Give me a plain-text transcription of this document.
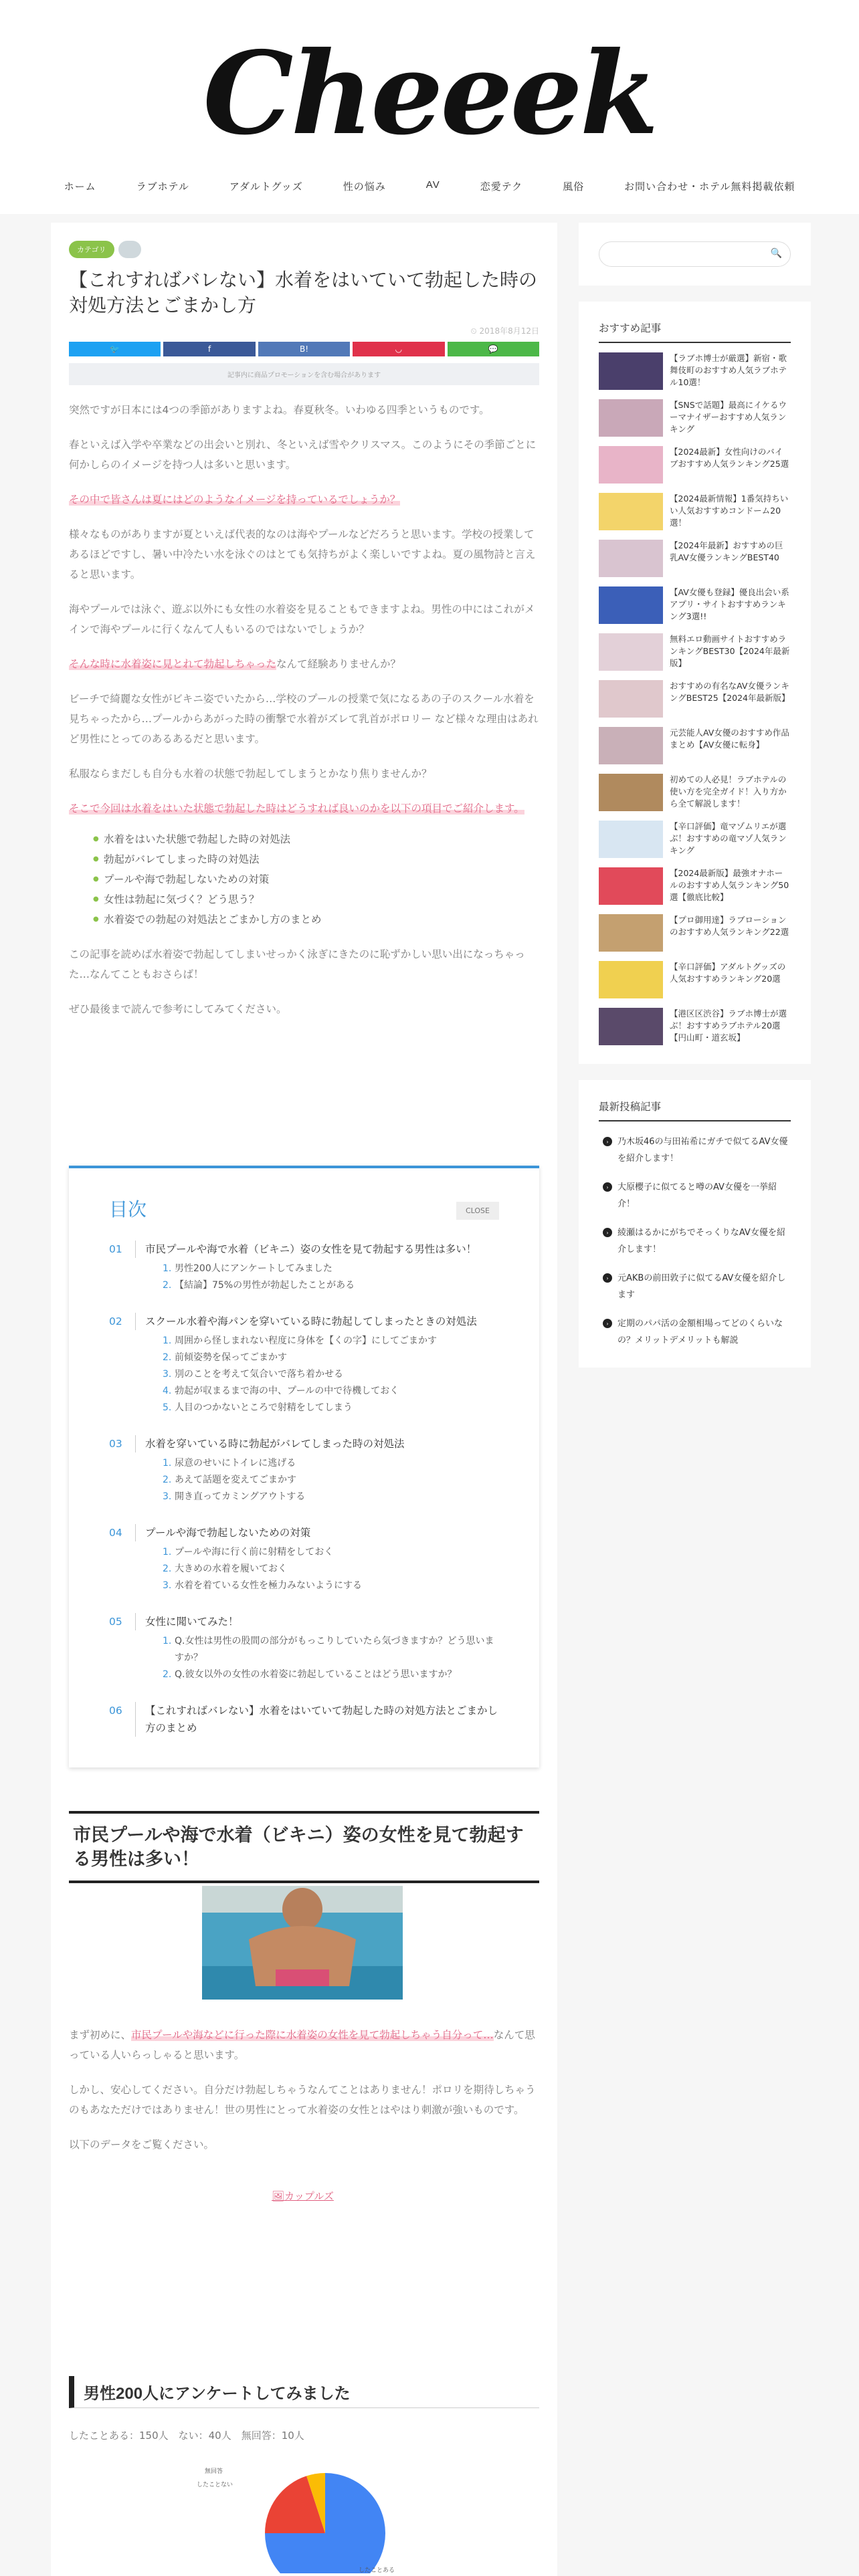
Cheeek
ホーム	ラブホテル	アダルトグッズ	性の悩み	AV	恋愛テク	風俗	お問い合わせ・ホテル無料掲載依頼
カテゴリ
【これすればバレない】水着をはいていて勃起した時の対処方法とごまかし方
⏲ 2018年8月12日
🐦	f	B!	◡	💬
記事内に商品プロモーションを含む場合があります

突然ですが日本には4つの季節がありますよね。春夏秋冬。いわゆる四季というものです。

春といえば入学や卒業などの出会いと別れ、冬といえば雪やクリスマス。このようにその季節ごとに何かしらのイメージを持つ人は多いと思います。

その中で皆さんは夏にはどのようなイメージを持っているでしょうか？

様々なものがありますが夏といえば代表的なのは海やプールなどだろうと思います。学校の授業してあるほどですし、暑い中冷たい水を泳ぐのはとても気持ちがよく楽しいですよね。夏の風物詩と言えると思います。

海やプールでは泳ぐ、遊ぶ以外にも女性の水着姿を見ることもできますよね。男性の中にはこれがメインで海やプールに行くなんて人もいるのではないでしょうか？

そんな時に水着姿に見とれて勃起しちゃったなんて経験ありませんか？

ビーチで綺麗な女性がビキニ姿でいたから…学校のプールの授業で気になるあの子のスクール水着を見ちゃったから…プールからあがった時の衝撃で水着がズレて乳首がポロリー など様々な理由はあれど男性にとってのあるあるだと思います。

私服ならまだしも自分も水着の状態で勃起してしまうとかなり焦りませんか？

そこで今回は水着をはいた状態で勃起した時はどうすれば良いのかを以下の項目でご紹介します。

● 水着をはいた状態で勃起した時の対処法
● 勃起がバレてしまった時の対処法
● プールや海で勃起しないための対策
● 女性は勃起に気づく？どう思う？
● 水着姿での勃起の対処法とごまかし方のまとめ

この記事を読めば水着姿で勃起してしまいせっかく泳ぎにきたのに恥ずかしい思い出になっちゃった…なんてこともおさらば！

ぜひ最後まで読んで参考にしてみてください。

目次	CLOSE
01	市民プールや海で水着（ビキニ）姿の女性を見て勃起する男性は多い！
1. 男性200人にアンケートしてみました
2. 【結論】75%の男性が勃起したことがある
02	スクール水着や海パンを穿いている時に勃起してしまったときの対処法
1. 周囲から怪しまれない程度に身体を【くの字】にしてごまかす
2. 前傾姿勢を保ってごまかす
3. 別のことを考えて気合いで落ち着かせる
4. 勃起が収まるまで海の中、プールの中で待機しておく
5. 人目のつかないところで射精をしてしまう
03	水着を穿いている時に勃起がバレてしまった時の対処法
1. 尿意のせいにトイレに逃げる
2. あえて話題を変えてごまかす
3. 開き直ってカミングアウトする
04	プールや海で勃起しないための対策
1. プールや海に行く前に射精をしておく
2. 大きめの水着を履いておく
3. 水着を着ている女性を極力みないようにする
05	女性に聞いてみた！
1. Q.女性は男性の股間の部分がもっこりしていたら気づきますか？どう思いますか？
2. Q.彼女以外の女性の水着姿に勃起していることはどう思いますか？
06	【これすればバレない】水着をはいていて勃起した時の対処方法とごまかし方のまとめ
市民プールや海で水着（ビキニ）姿の女性を見て勃起する男性は多い！

まず初めに、市民プールや海などに行った際に水着姿の女性を見て勃起しちゃう自分って…なんて思っている人いらっしゃると思います。

しかし、安心してください。自分だけ勃起しちゃうなんてことはありません！ポロリを期待しちゃうのもあなただけではありません！世の男性にとって水着姿の女性とはやはり刺激が強いものです。

以下のデータをご覧ください。

🖼カップルズ
男性200人にアンケートしてみました
したことある：150人　ない：40人　無回答：10人
無回答
したことない
したことある
🔍
おすすめ記事
【ラブホ博士が厳選】新宿・歌舞伎町のおすすめ人気ラブホテル10選！
【SNSで話題】最高にイケるウーマナイザーおすすめ人気ランキング
【2024最新】女性向けのバイブおすすめ人気ランキング25選
【2024最新情報】1番気持ちいい人気おすすめコンドーム20選！
【2024年最新】おすすめの巨乳AV女優ランキングBEST40
【AV女優も登録】優良出会い系アプリ・サイトおすすめランキング3選!!
無料エロ動画サイトおすすめランキングBEST30【2024年最新版】
おすすめの有名なAV女優ランキングBEST25【2024年最新版】
元芸能人AV女優のおすすめ作品まとめ【AV女優に転身】
初めての人必見！ラブホテルの使い方を完全ガイド！入り方から全て解説します！
【辛口評価】竜マゾムリエが選ぶ！おすすめの竜マゾ人気ランキング
【2024最新版】最強オナホールのおすすめ人気ランキング50選【徹底比較】
【プロ御用達】ラブローションのおすすめ人気ランキング22選
【辛口評価】アダルトグッズの人気おすすめランキング20選
【港区区渋谷】ラブホ博士が選ぶ！おすすめラブホテル20選【円山町・道玄坂】
最新投稿記事
›	乃木坂46の与田祐希にガチで似てるAV女優を紹介します！
›	大原櫻子に似てると噂のAV女優を一挙紹介！
›	綾瀬はるかにがちでそっくりなAV女優を紹介します！
›	元AKBの前田敦子に似てるAV女優を紹介します
›	定期のパパ活の金額相場ってどのくらいなの？メリットデメリットも解説
